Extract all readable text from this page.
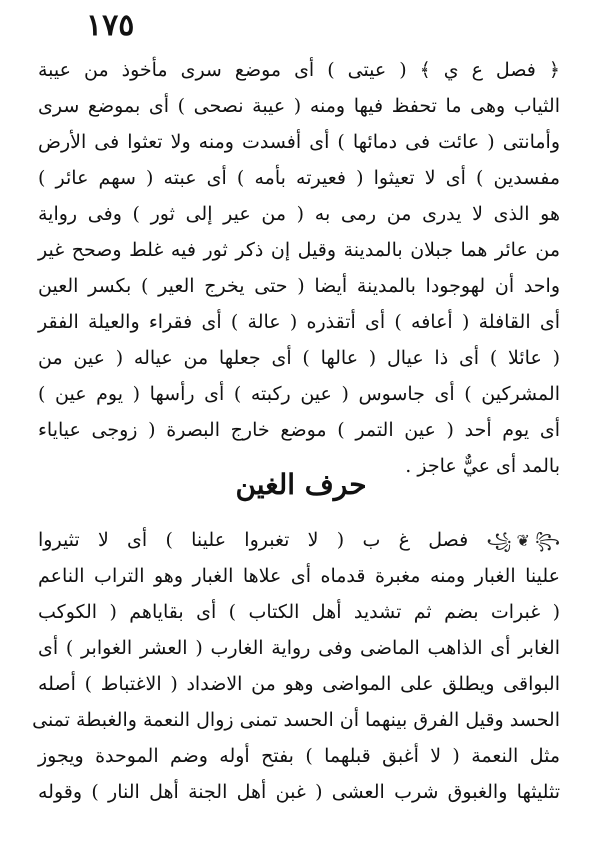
١٧٥
﴿ فصل ع ي ﴾ ( عيتى ) أى موضع سرى مأخوذ من عيبة
الثياب وهى ما تحفظ فيها ومنه ( عيبة نصحى ) أى بموضع سرى
وأمانتى ( عائت فى دمائها ) أى أفسدت ومنه ولا تعثوا فى الأرض
مفسدين ) أى لا تعيثوا ( فعيرته بأمه ) أى عبته ( سهم عائر )
هو الذى لا يدرى من رمى به ( من عير إلى ثور ) وفى رواية
من عائر هما جبلان بالمدينة وقيل إن ذكر ثور فيه غلط وصحح غير
واحد أن لهوجودا بالمدينة أيضا ( حتى يخرج العير ) بكسر العين
أى القافلة ( أعافه ) أى أتقذره ( عالة ) أى فقراء والعيلة الفقر
( عائلا ) أى ذا عيال ( عالها ) أى جعلها من عياله ( عين من
المشركين ) أى جاسوس ( عين ركبته ) أى رأسها ( يوم عين )
أى يوم أحد ( عين التمر ) موضع خارج البصرة ( زوجى عياياء
بالمد أى عيٌّ عاجز .
حرف الغين
꧁ ❦ ꧂ فصل غ ب ( لا تغبروا علينا ) أى لا تثيروا
علينا الغبار ومنه مغبرة قدماه أى علاها الغبار وهو التراب الناعم
( غبرات بضم ثم تشديد أهل الكتاب ) أى بقاياهم ( الكوكب
الغابر أى الذاهب الماضى وفى رواية الغارب ( العشر الغوابر ) أى
البواقى ويطلق على المواضى وهو من الاضداد ( الاغتباط ) أصله
الحسد وقيل الفرق بينهما أن الحسد تمنى زوال النعمة والغبطة تمنى
مثل النعمة ( لا أغبق قبلهما ) بفتح أوله وضم الموحدة ويجوز
تثليثها والغبوق شرب العشى ( غبن أهل الجنة أهل النار ) وقوله
